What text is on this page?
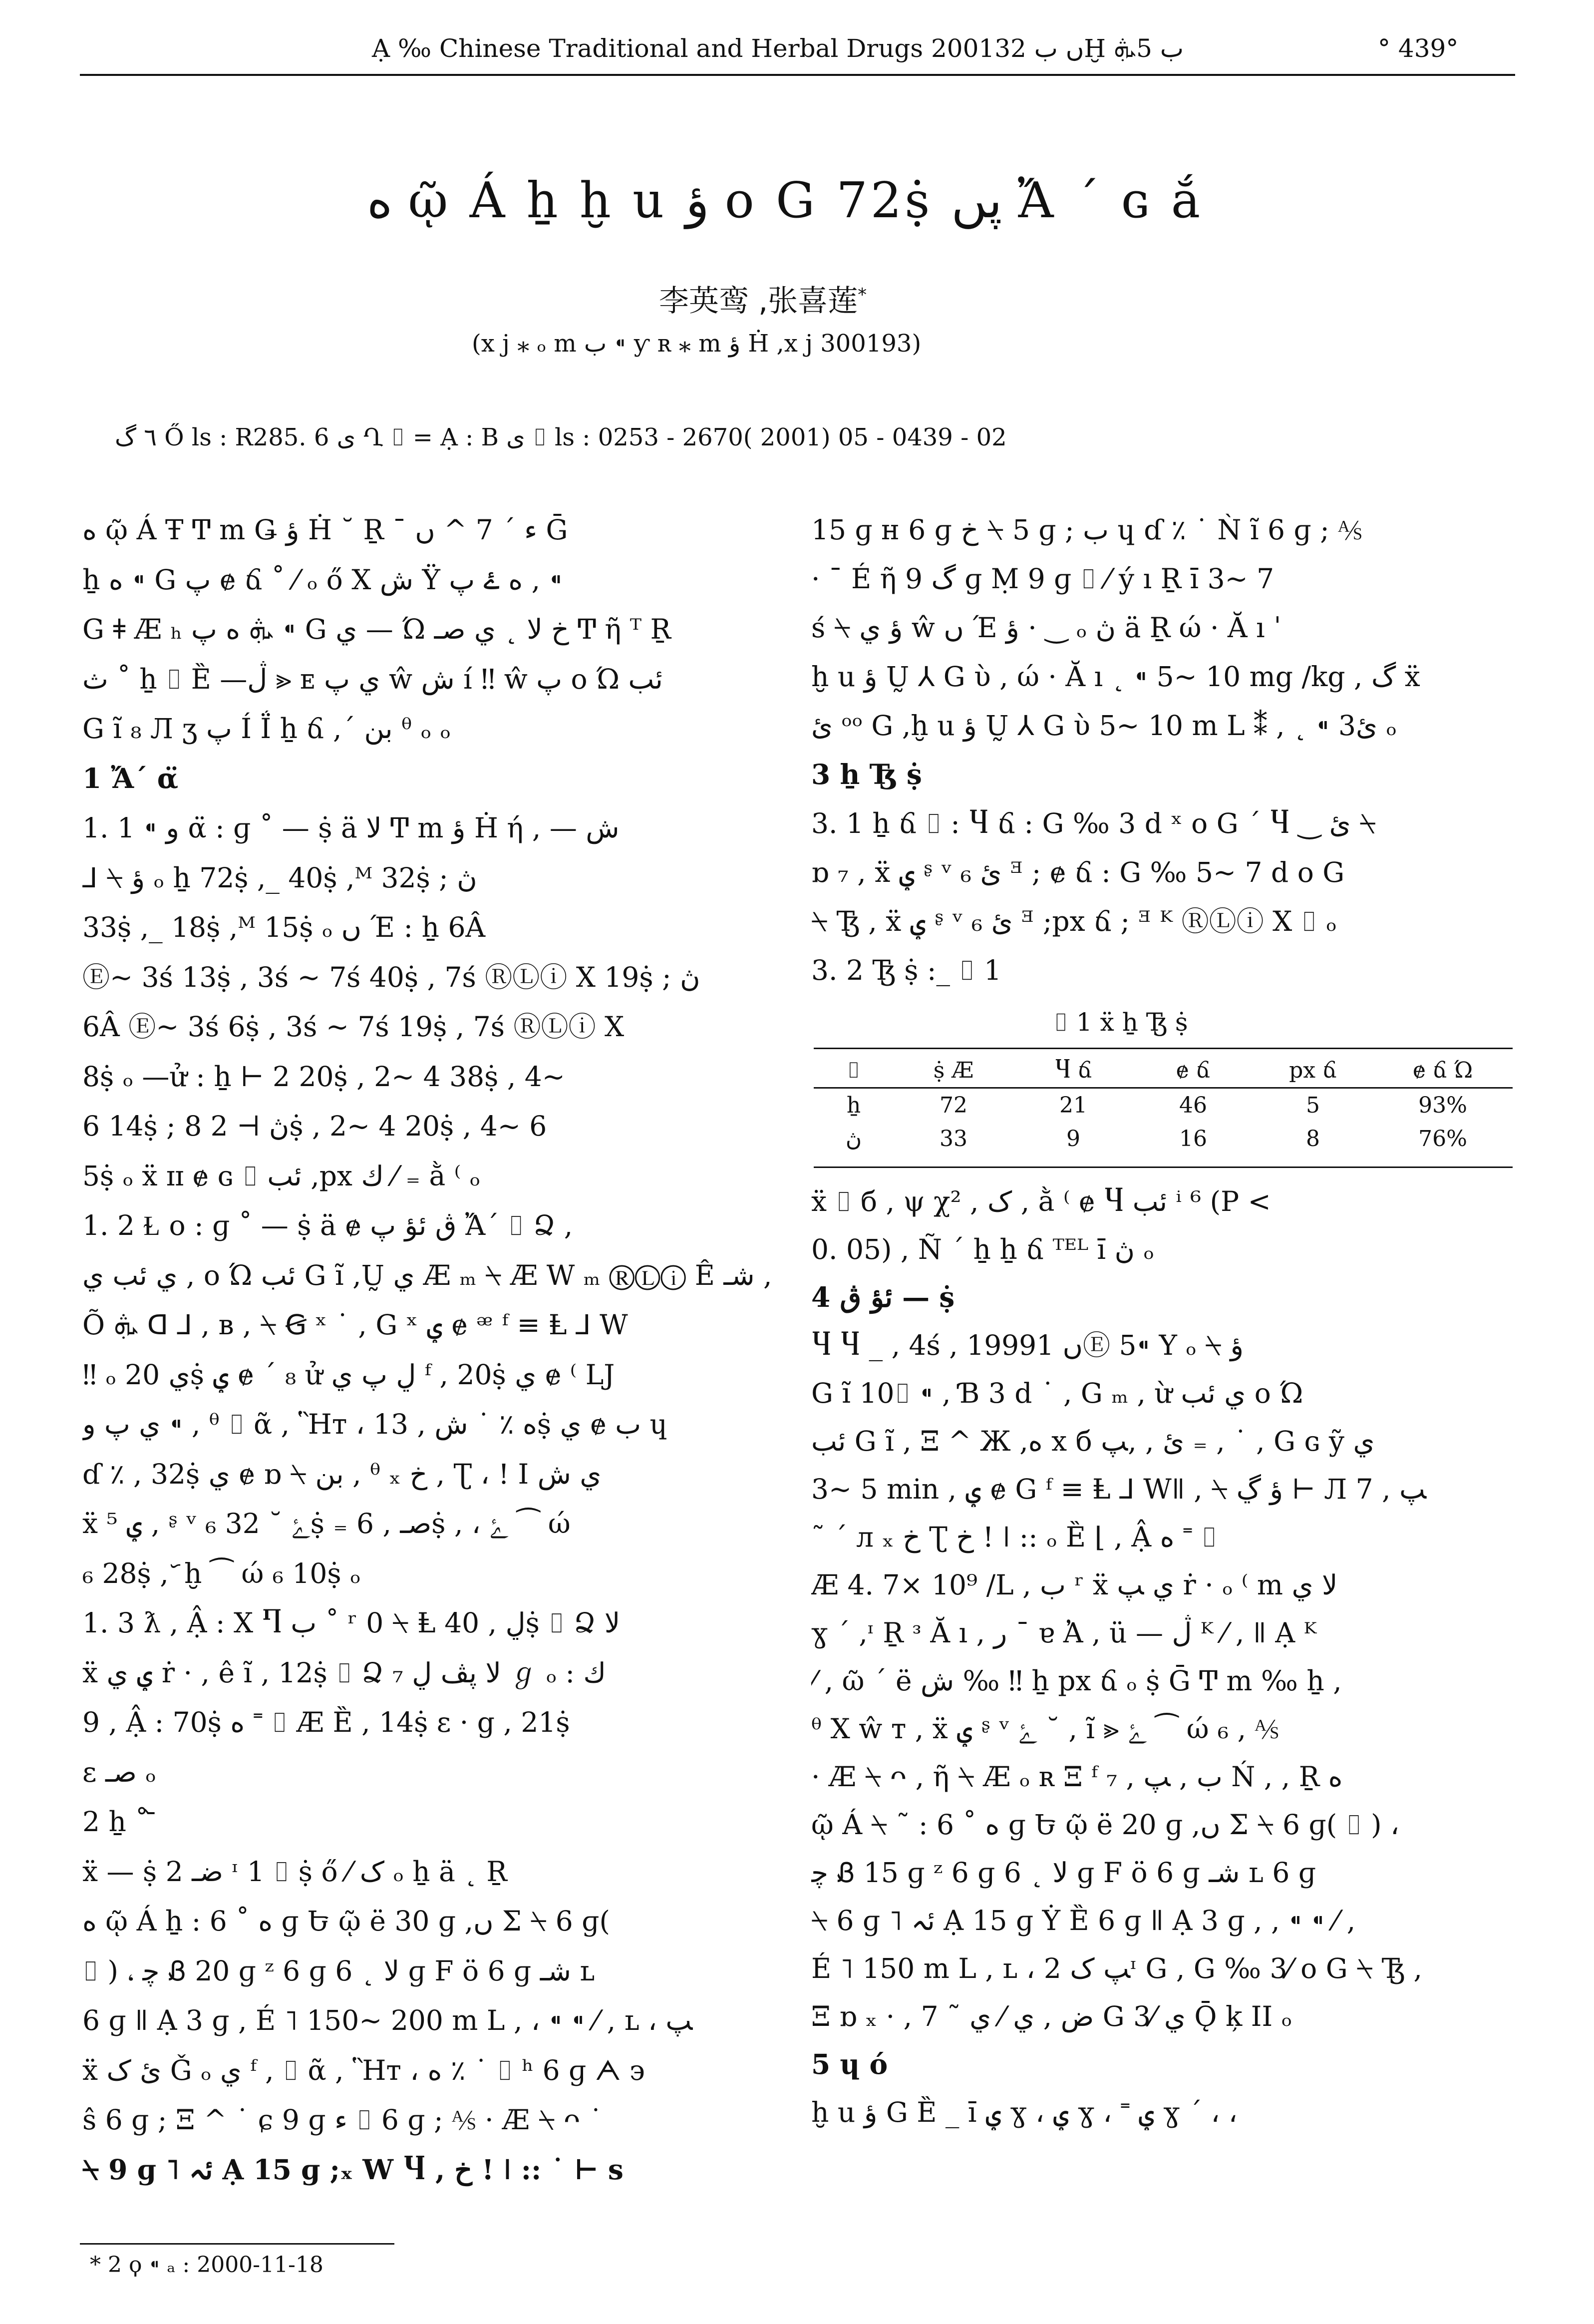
Ạ ‰ Chinese Traditional and Herbal Drugs 2001ں ب 32Ḫ ب 5ܞ	° 439°
ه ῷ Á ẖ ḫ u ؤ ο G 72ṩ پں Ἄ ΄ ɢ ắ
李英鸾 ,张喜莲*
(x j ⁎ ₒ m ب ⁌ ƴ ʀ ⁎ m ؤ Ḣ ,x j 300193)
٦ گ Ő ls : R285. 6 ى Ղ ⌷ = Ạ : B ى ⌷ ls : 0253 - 2670( 2001) 05 - 0439 - 02
ه ῷ Á Ŧ Ͳ m Ǥ ؤ Ḣ ˘ Ṟ ˉ ء ΄ 7 ^ ں Ḡ
ẖ ه ⁌ G پ ɇ ճ ˚ ⁄ ₒ ő X ش Ÿ ه ۓ پ , ⁌
G ǂ Æ ₕ ܞ ه پ ⁌ G ي — Ώ خ لا ˛ ي صـ Ͳ ῆ ᵀ Ṟ
ث ˚ ẖ ⌷ Ȅ —ڷ ⪢ ᴇ ي پ ŵ ش í ‼ ŵ پ ο Ώ ئب
G ĩ ₈ Л ʒ پ Í Ḯ ẖ ճ ,΄ بن ᶿ ₒ ₒ
1 Ἄ΄ α̈
1. 1 ⁌ و α̈ : ɡ ˚ — ṩ ä لا Ͳ m ؤ Ḣ ή , — ش
⅃ ⍀ ؤ ₒ ẖ 72ṩ ,_ 40ṩ ,ᴹ 32ṩ ; ڽ
33ṩ ,_ 18ṩ ,ᴹ 15ṩ ₒ ں Έ : ẖ 6Â
Ⓔ~ 3ś 13ṩ , 3ś ~ 7ś 40ṩ , 7ś ⓇⓁⓘ X 19ṩ ; ڽ
6Â Ⓔ~ 3ś 6ṩ , 3ś ~ 7ś 19ṩ , 7ś ⓇⓁⓘ X
8ṩ ₒ —ử : ẖ ⊢ 2 20ṩ , 2~ 4 38ṩ , 4~
6 14ṩ ; ڽ ⊢ 2 8ṩ , 2~ 4 20ṩ , 4~ 6
5ṩ ₒ ẍ ɪɪ ɇ ɢ ⌷ ئب ,рх ك ⁄ ₌ ằ ⁽ ₒ
1. 2 Ɫ ο : ɡ ˚ — ṩ ä ɇ ڨ ئؤ پ Ἄ΄ ⌷ Ձ ,
ي ئب ي , ο Ώ ئب G ĩ ,Ṵ ي Æ ₘ ⍀ Æ W ₘ ⓇⓁⓘ Ê شـ ,
Õ ܞ ᗡ ⅃ , ʙ , ⍀ Ꞡ ˣ ˙ , G ˣ ؠ ɇ ᵆ ᶠ ≡ Ⱡ ⅃ W
‼ ₒ ي 20ṩ ؠ ɇ ΄ ₈ ử ڸ پ ي ᶠ , 20ṩ ي ɇ ⁽ LJ
ي پ و ⁌ , ᶿ ⌷ ᾶ , Ἣᴛ ، ه ٪ ˙ ش , 13ṩ ي ɇ ب ɥ
ɗ ٪ , 32ṩ ي ɇ ɒ ⍀ بن , ᶿ ₓ خ , Ʈ ، ! I ي ش
ẍ ؠ ⁵ , ᶳ ᵛ ₆ ﮰ ˘ 32ṩ ₌ صـ , 6ṩ , ، ﮰ ⁀ ώ
₆ 28ṩ , ᷃ ḫ ⁀ ώ ₆ 10ṩ ₒ
1. 3 ƛ , Ậ : Χ Ⴄ ب ˚ ʳ 0 ⍀ Ⱡ ڸ , 40ṩ ⌷ Ձ لا
ẍ ؠ ي ṙ · , ê ĩ , 12ṩ ⌷ Ձ لا پڤ ڸ ₇ ℊ ₒ : ك
9 , Ậ : 70ṩ ه ˭ ⌷ Æ Ȅ , 14ṩ ɛ · g , 21ṩ
ɛ صـ ₒ
2 ẖ ˚ ᷅
ẍ — ṩ ضـ 2 ᶦ 1 ⌷ ṩ ő ⁄ ک ₒ ẖ ä ˛ Ṟ
ه ῷ Á ẖ : ه ˚ 6 ɡ Ե ῷ ë 30 ɡ ,ں Σ ⍀ 6 ɡ(
⌷ ) ، ﭼ Ᏸ 20 ɡ ᶻ 6 ɡ لا ˛ 6 ɡ F ö 6 ɡ شـ ʟ
6 ɡ ǁ Ạ 3 ɡ , É ˥ 150~ 200 m L , ، ⁌ ⁌ ⁄ , ʟ ، ﭗ
ẍ ئ ک Ǧ ₒ ي ᶠ , ⌷ ᾶ , Ἣᴛ ، ه ٪ ˙ ⌷ ʰ 6 ɡ ᗅ ϶
ŝ 6 ɡ ; Ξ ^ ˙ ɕ 9 ɡ ء ⌷ 6 ɡ ; ⅍ · Æ ⍀ ᴖ ˙
⍀ 9 ɡ ˥ ئہ Ạ 15 ɡ ;ₓ W Ⴗ , خ ! ǀ :: ˙ ⊢ s
15 ɡ ʜ 6 ɡ خ ⍀ 5 ɡ ; ب ɥ ɗ ٪ ˙ Ǹ ĩ 6 ɡ ; ⅍
· ˉ É ῆ گ 9 ɡ Ṃ 9 ɡ ⌷ ⁄ ý ı Ṟ ı̄ 3~ 7
ś ⍀ ؤ ي ŵ ں Έ ؤ · ‿ ₒ ڽ ä Ṟ ώ · Ă ı ˈ
ḫ u ؤ Ṵ ⅄ G ὺ , ώ · Ă ı ˛ ⁌ 5~ 10 mg /kg , گ ẍ
ئ ᵒᵒ G ,ḫ u ؤ Ṵ ⅄ G ὺ 5~ 10 m L ⁑ , ˛ ⁌ 3ئ ₒ
3 ẖ Ꜩ ṩ
3. 1 ẖ ճ ⌷ : Ⴗ ճ : G ‰ 3 d ˣ ο G ΄ Ⴗ ‿ ئ ⍀
ɒ ₇ , ẍ ؠ ᶳ ᵛ ₆ ئ ᴲ ; ɇ ճ : G ‰ 5~ 7 d ο G
⍀ Ꜩ , ẍ ؠ ᶳ ᵛ ₆ ئ ᴲ ;рх ճ ; ᴲ ᴷ ⓇⓁⓘ X ⌷ ₒ
3. 2 Ꜩ ṩ :_ ⌷ 1
⌷ 1 ẍ ẖ Ꜩ ṩ
⌷	ṩ Æ	Ⴗ ճ	ɇ ճ	рх ճ	ɇ ճ Ώ
ẖ	72	21	46	5	93%
ڽ	33	9	16	8	76%
ẍ ⌷ б , ψ χ² , ک , ằ ⁽ ɇ Ⴗ ئب ⁱ ⁶ (P <
0. 05) , Ñ ΄ ẖ ẖ ճ ᵀᴱᴸ ı̄ ڽ ₒ
4 ئؤ ڨ — ṩ
Ⴗ Ⴗ _ , 4ś , 1999ں 1Ⓔ 5⁌ Y ₒ ⍀ ؤ
G ĩ 10⌷ ⁌ , Ɓ 3 d ˙ , G ₘ , ừ ي ئب ο Ώ
ئب G ĩ , Ξ ^ Ж ,ه x б ئ , ,ﭗ ₌ , ˙ , G ɢ ỹ ي
3~ 5 min , ؠ ɇ G ᶠ ≡ Ⱡ ⅃ Wǁ , ⍀ ؤ ڲ ⊢ Л ﭗ , 7
˜ ΄ л ₓ خ Ʈ خ ! ǀ :: ₒ Ȅ ⌊ , Ậ ه ˭ ⌷
Æ 4. 7× 10⁹ /L , ب ʳ ẍ ي ﭗ ṙ · ₒ ⁽ m لا ي
ɣ ΄ ,ᶦ Ṟ ᵌ Ă ı , ر ˉ ɐ Ἀ , ü — ڷ ᴷ ⁄ , ǁ Ạ ᴷ
⁄ , ῶ ΄ ë ش ‰ ‼ ẖ рх ճ ₒ ṩ Ḡ Ͳ m ‰ ẖ ,
ᶿ X ŵ ᴛ , ẍ ؠ ᶳ ᵛ ﮰ ˘ , ĩ ⪢ ﮰ ⁀ ώ ₆ , ⅍
· Æ ⍀ ᴖ , ῆ ⍀ Æ ₒ ʀ Ξ ᶠ ب , ﭗ , ₇ Ń , , Ṟ ه
ῷ Á ⍀ ˜ : ه ˚ 6 ɡ Ե ῷ ë 20 ɡ ,ں Σ ⍀ 6 ɡ( ⌷ ) ،
ﭼ Ᏸ 15 ɡ ᶻ 6 ɡ لا ˛ 6 ɡ F ö 6 ɡ شـ ʟ 6 ɡ
⍀ 6 ɡ ˥ ئہ Ạ 15 ɡ Ẏ Ȅ 6 ɡ ǁ Ạ 3 ɡ , , ⁌ ⁌ ⁄ ,
É ˥ 150 m L , ʟ ، ﭗ ک 2ᶦ G , G ‰ 3⁄ ο G ⍀ Ꜩ ,
Ξ ɒ ₓ · , 7 ˜ ض , ي ⁄ ي G 3⁄ ي Ǭ ķ II ₒ
5 ɥ ó
ḫ u ؤ G Ȅ _ ı̄ ؠ ɣ ، ؠ ɣ ، ˭ ؠ ɣ ΄ ، ،
* 2 ϙ ⁌ ₐ : 2000-11-18
